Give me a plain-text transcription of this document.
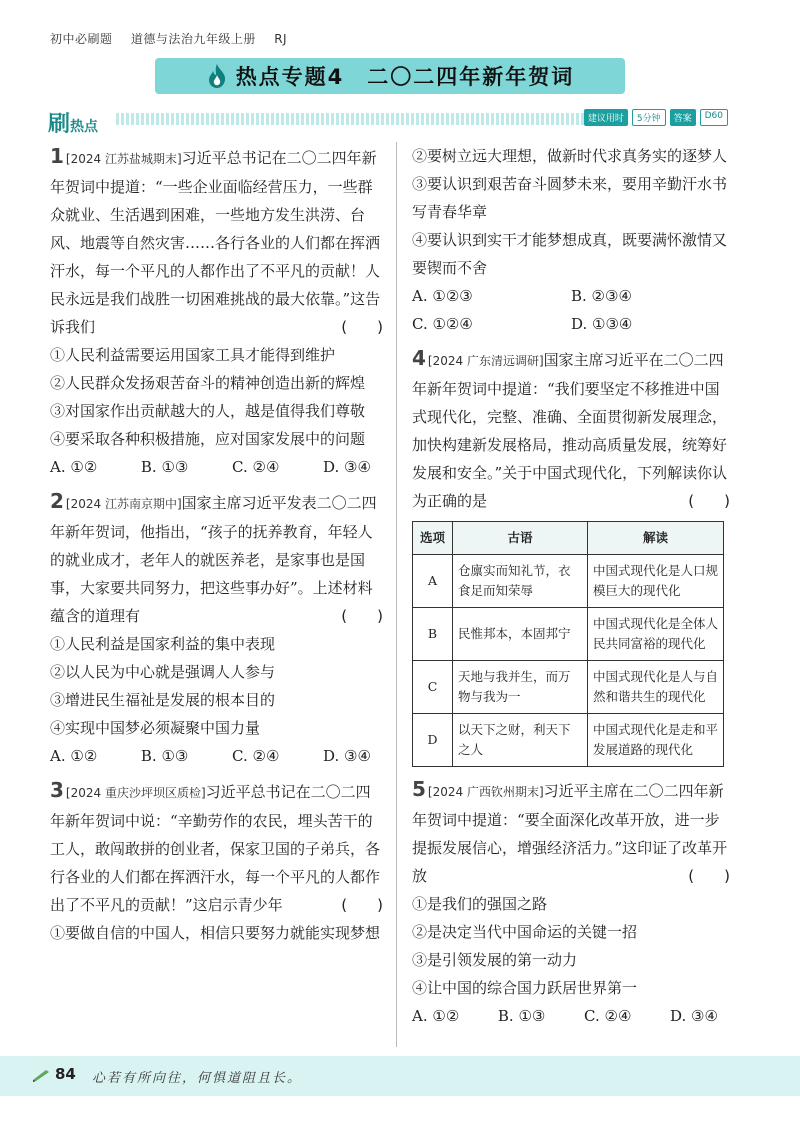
初中必刷题 道德与法治九年级上册 RJ
热点专题4　二〇二四年新年贺词
刷热点	建议用时	5分钟	答案	D60
1 [2024 江苏盐城期末]习近平总书记在二〇二四年新年贺词中提道：“一些企业面临经营压力，一些群众就业、生活遇到困难，一些地方发生洪涝、台风、地震等自然灾害……各行各业的人们都在挥洒汗水，每一个平凡的人都作出了不平凡的贡献！人民永远是我们战胜一切困难挑战的最大依靠。”这告诉我们	(　　)
①人民利益需要运用国家工具才能得到维护
②人民群众发扬艰苦奋斗的精神创造出新的辉煌
③对国家作出贡献越大的人，越是值得我们尊敬
④要采取各种积极措施，应对国家发展中的问题
A. ①②	B. ①③	C. ②④	D. ③④
2 [2024 江苏南京期中]国家主席习近平发表二〇二四年新年贺词，他指出，“孩子的抚养教育，年轻人的就业成才，老年人的就医养老，是家事也是国事，大家要共同努力，把这些事办好”。上述材料蕴含的道理有	(　　)
①人民利益是国家利益的集中表现
②以人民为中心就是强调人人参与
③增进民生福祉是发展的根本目的
④实现中国梦必须凝聚中国力量
A. ①②	B. ①③	C. ②④	D. ③④
3 [2024 重庆沙坪坝区质检]习近平总书记在二〇二四年新年贺词中说：“辛勤劳作的农民，埋头苦干的工人，敢闯敢拼的创业者，保家卫国的子弟兵，各行各业的人们都在挥洒汗水，每一个平凡的人都作出了不平凡的贡献！”这启示青少年	(　　)
①要做自信的中国人，相信只要努力就能实现梦想
②要树立远大理想，做新时代求真务实的逐梦人
③要认识到艰苦奋斗圆梦未来，要用辛勤汗水书写青春华章
④要认识到实干才能梦想成真，既要满怀激情又要锲而不舍
A. ①②③	B. ②③④
C. ①②④	D. ①③④
4 [2024 广东清远调研]国家主席习近平在二〇二四年新年贺词中提道：“我们要坚定不移推进中国式现代化，完整、准确、全面贯彻新发展理念，加快构建新发展格局，推动高质量发展，统筹好发展和安全。”关于中国式现代化，下列解读你认为正确的是	(　　)
选项	古语	解读
A	仓廪实而知礼节，衣食足而知荣辱	中国式现代化是人口规模巨大的现代化
B	民惟邦本，本固邦宁	中国式现代化是全体人民共同富裕的现代化
C	天地与我并生，而万物与我为一	中国式现代化是人与自然和谐共生的现代化
D	以天下之财，利天下之人	中国式现代化是走和平发展道路的现代化
5 [2024 广西钦州期末]习近平主席在二〇二四年新年贺词中提道：“要全面深化改革开放，进一步提振发展信心，增强经济活力。”这印证了改革开放	(　　)
①是我们的强国之路
②是决定当代中国命运的关键一招
③是引领发展的第一动力
④让中国的综合国力跃居世界第一
A. ①②	B. ①③	C. ②④	D. ③④
84 心若有所向往，何惧道阻且长。
